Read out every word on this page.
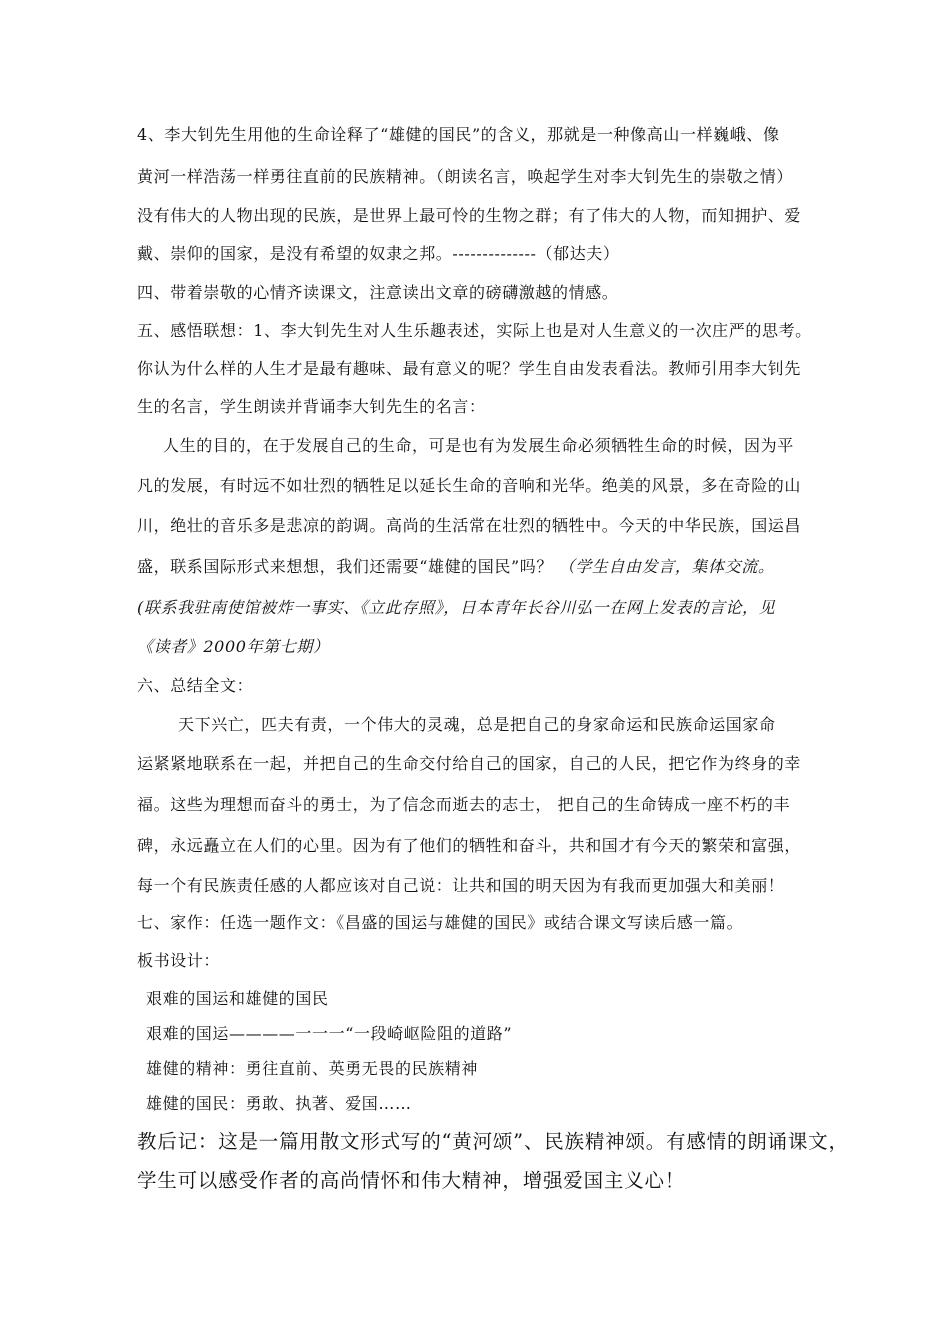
4、李大钊先生用他的生命诠释了“雄健的国民”的含义，那就是一种像高山一样巍峨、像
黄河一样浩荡一样勇往直前的民族精神。（朗读名言，唤起学生对李大钊先生的崇敬之情）
没有伟大的人物出现的民族，是世界上最可怜的生物之群；有了伟大的人物，而知拥护、爱
戴、崇仰的国家，是没有希望的奴隶之邦。--------------（郁达夫）
四、带着崇敬的心情齐读课文，注意读出文章的磅礴激越的情感。
五、感悟联想：1、李大钊先生对人生乐趣表述，实际上也是对人生意义的一次庄严的思考。
你认为什么样的人生才是最有趣味、最有意义的呢？学生自由发表看法。教师引用李大钊先
生的名言，学生朗读并背诵李大钊先生的名言：
人生的目的，在于发展自己的生命，可是也有为发展生命必须牺牲生命的时候，因为平
凡的发展，有时远不如壮烈的牺牲足以延长生命的音响和光华。绝美的风景，多在奇险的山
川，绝壮的音乐多是悲凉的韵调。高尚的生活常在壮烈的牺牲中。今天的中华民族，国运昌
盛，联系国际形式来想想，我们还需要“雄健的国民”吗？ （学生自由发言，集体交流。
(联系我驻南使馆被炸一事实、《立此存照》，日本青年长谷川弘一在网上发表的言论，见
《读者》2000年第七期）
六、总结全文：
天下兴亡，匹夫有责，一个伟大的灵魂，总是把自己的身家命运和民族命运国家命
运紧紧地联系在一起，并把自己的生命交付给自己的国家，自己的人民，把它作为终身的幸
福。这些为理想而奋斗的勇士，为了信念而逝去的志士， 把自己的生命铸成一座不朽的丰
碑，永远矗立在人们的心里。因为有了他们的牺牲和奋斗，共和国才有今天的繁荣和富强，
每一个有民族责任感的人都应该对自己说：让共和国的明天因为有我而更加强大和美丽！
七、家作：任选一题作文：《昌盛的国运与雄健的国民》或结合课文写读后感一篇。
板书设计：
艰难的国运和雄健的国民
艰难的国运————一一一“一段崎岖险阻的道路”
雄健的精神：勇往直前、英勇无畏的民族精神
雄健的国民：勇敢、执著、爱国……
教后记：这是一篇用散文形式写的“黄河颂”、民族精神颂。有感情的朗诵课文，
学生可以感受作者的高尚情怀和伟大精神，增强爱国主义心！
